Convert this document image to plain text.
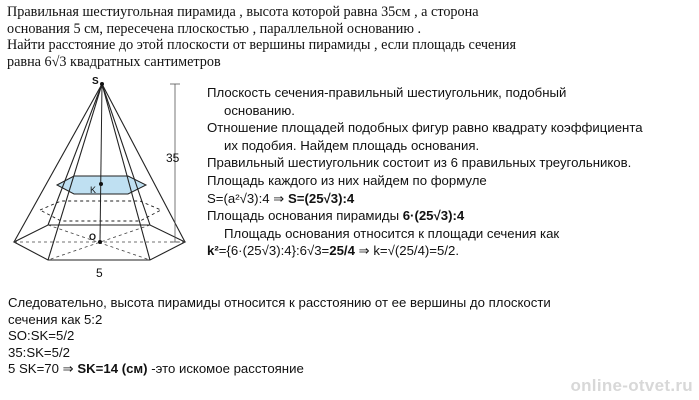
Правильная шестиугольная пирамида , высота которой равна 35см , а сторона
основания 5 см, пересечена плоскостью , параллельной основанию .
Найти расстояние до этой плоскости от вершины пирамиды , если площадь сечения
равна 6√3 квадратных сантиметров
S
35
K
O
5
Плоскость сечения-правильный шестиугольник, подобный
основанию.
Отношение площадей подобных фигур равно квадрату коэффициента
их подобия. Найдем площадь основания.
Правильный шестиугольник состоит из 6 правильных треугольников.
Площадь каждого из них найдем по формуле
S=(a²√3):4 ⇒ S=(25√3):4
Площадь основания пирамиды 6·(25√3):4
Площадь основания относится к площади сечения как
k²={6·(25√3):4}:6√3=25/4 ⇒ k=√(25/4)=5/2.
Следовательно, высота пирамиды относится к расстоянию от ее вершины до плоскости
сечения как 5:2
SO:SK=5/2
35:SK=5/2
5 SK=70 ⇒ SK=14 (см) -это искомое расстояние
online-otvet.ru
